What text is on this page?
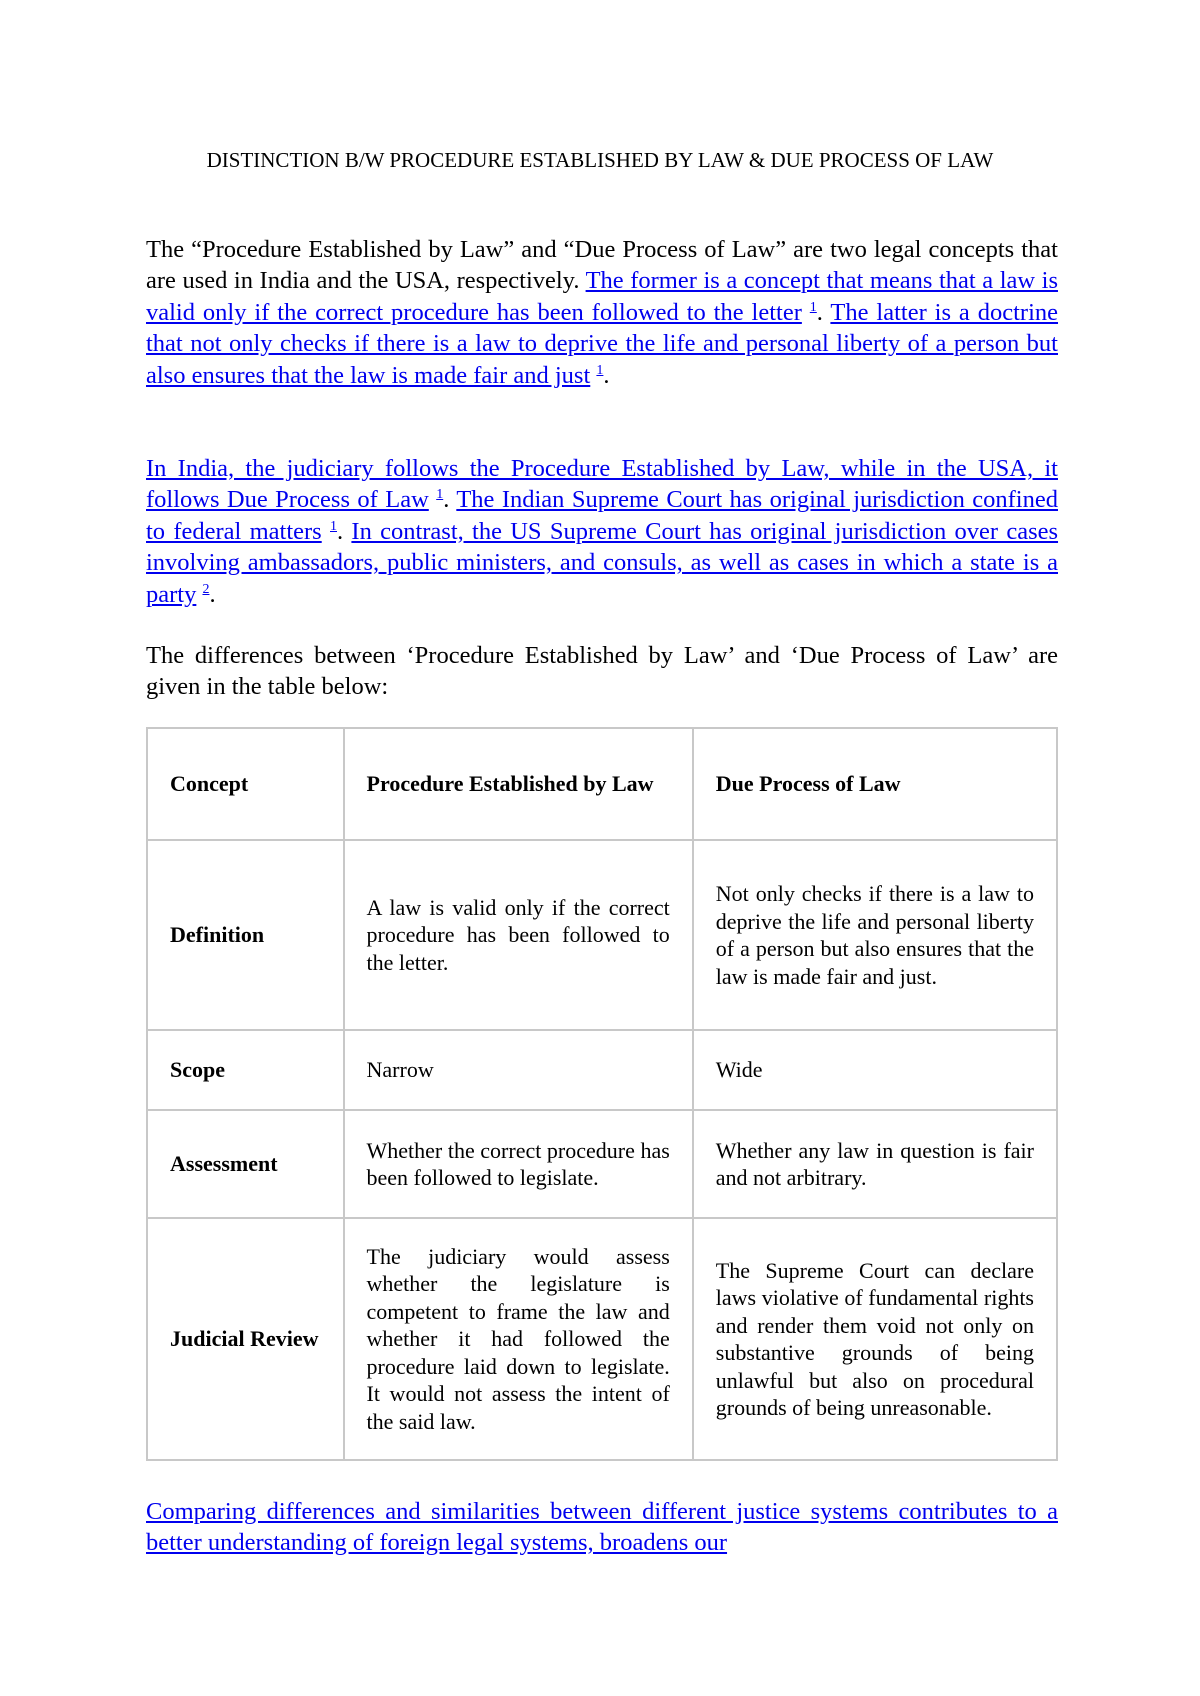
DISTINCTION B/W PROCEDURE ESTABLISHED BY LAW & DUE PROCESS OF LAW

The “Procedure Established by Law” and “Due Process of Law” are two legal concepts that are used in India and the USA, respectively. The former is a concept that means that a law is valid only if the correct procedure has been followed to the letter $^1$. The latter is a doctrine that not only checks if there is a law to deprive the life and personal liberty of a person but also ensures that the law is made fair and just $^1$.

In India, the judiciary follows the Procedure Established by Law, while in the USA, it follows Due Process of Law $^1$. The Indian Supreme Court has original jurisdiction confined to federal matters $^1$. In contrast, the US Supreme Court has original jurisdiction over cases involving ambassadors, public ministers, and consuls, as well as cases in which a state is a party $^2$.

The differences between ‘Procedure Established by Law’ and ‘Due Process of Law’ are given in the table below:

Concept	Procedure Established by Law	Due Process of Law
Definition	A law is valid only if the correct procedure has been followed to the letter.	Not only checks if there is a law to deprive the life and personal liberty of a person but also ensures that the law is made fair and just.
Scope	Narrow	Wide
Assessment	Whether the correct procedure has been followed to legislate.	Whether any law in question is fair and not arbitrary.
Judicial Review	The judiciary would assess whether the legislature is competent to frame the law and whether it had followed the procedure laid down to legislate. It would not assess the intent of the said law.	The Supreme Court can declare laws violative of fundamental rights and render them void not only on substantive grounds of being unlawful but also on procedural grounds of being unreasonable.

Comparing differences and similarities between different justice systems contributes to a better understanding of foreign legal systems, broadens our
